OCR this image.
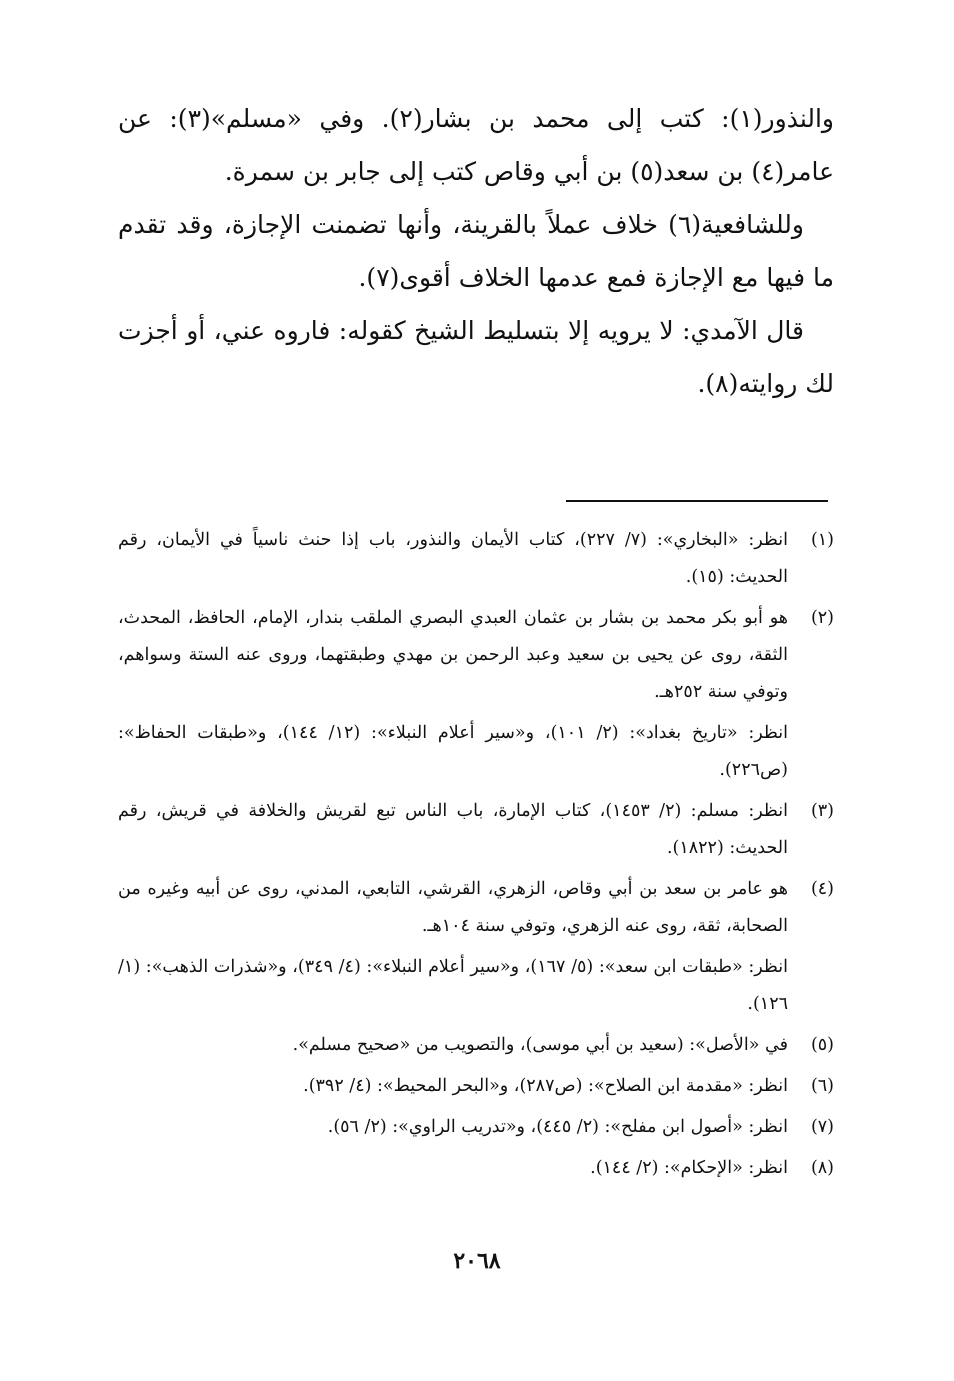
والنذور(١): كتب إلى محمد بن بشار(٢). وفي «مسلم»(٣): عن عامر(٤) بن سعد(٥) بن أبي وقاص كتب إلى جابر بن سمرة.

وللشافعية(٦) خلاف عملاً بالقرينة، وأنها تضمنت الإجازة، وقد تقدم ما فيها مع الإجازة فمع عدمها الخلاف أقوى(٧).

قال الآمدي: لا يرويه إلا بتسليط الشيخ كقوله: فاروه عني، أو أجزت لك روايته(٨).

(١)

انظر: «البخاري»: (٧/ ٢٢٧)، كتاب الأيمان والنذور، باب إذا حنث ناسياً في الأيمان، رقم الحديث: (١٥).

(٢)

هو أبو بكر محمد بن بشار بن عثمان العبدي البصري الملقب بندار، الإمام، الحافظ، المحدث، الثقة، روى عن يحيى بن سعيد وعبد الرحمن بن مهدي وطبقتهما، وروى عنه الستة وسواهم، وتوفي سنة ٢٥٢هـ.

انظر: «تاريخ بغداد»: (٢/ ١٠١)، و«سير أعلام النبلاء»: (١٢/ ١٤٤)، و«طبقات الحفاظ»: (ص٢٢٦).

(٣)

انظر: مسلم: (٢/ ١٤٥٣)، كتاب الإمارة، باب الناس تبع لقريش والخلافة في قريش، رقم الحديث: (١٨٢٢).

(٤)

هو عامر بن سعد بن أبي وقاص، الزهري، القرشي، التابعي، المدني، روى عن أبيه وغيره من الصحابة، ثقة، روى عنه الزهري، وتوفي سنة ١٠٤هـ.

انظر: «طبقات ابن سعد»: (٥/ ١٦٧)، و«سير أعلام النبلاء»: (٤/ ٣٤٩)، و«شذرات الذهب»: (١/ ١٢٦).

(٥)

في «الأصل»: (سعيد بن أبي موسى)، والتصويب من «صحيح مسلم».

(٦)

انظر: «مقدمة ابن الصلاح»: (ص٢٨٧)، و«البحر المحيط»: (٤/ ٣٩٢).

(٧)

انظر: «أصول ابن مفلح»: (٢/ ٤٤٥)، و«تدريب الراوي»: (٢/ ٥٦).

(٨)

انظر: «الإحكام»: (٢/ ١٤٤).

٢٠٦٨
